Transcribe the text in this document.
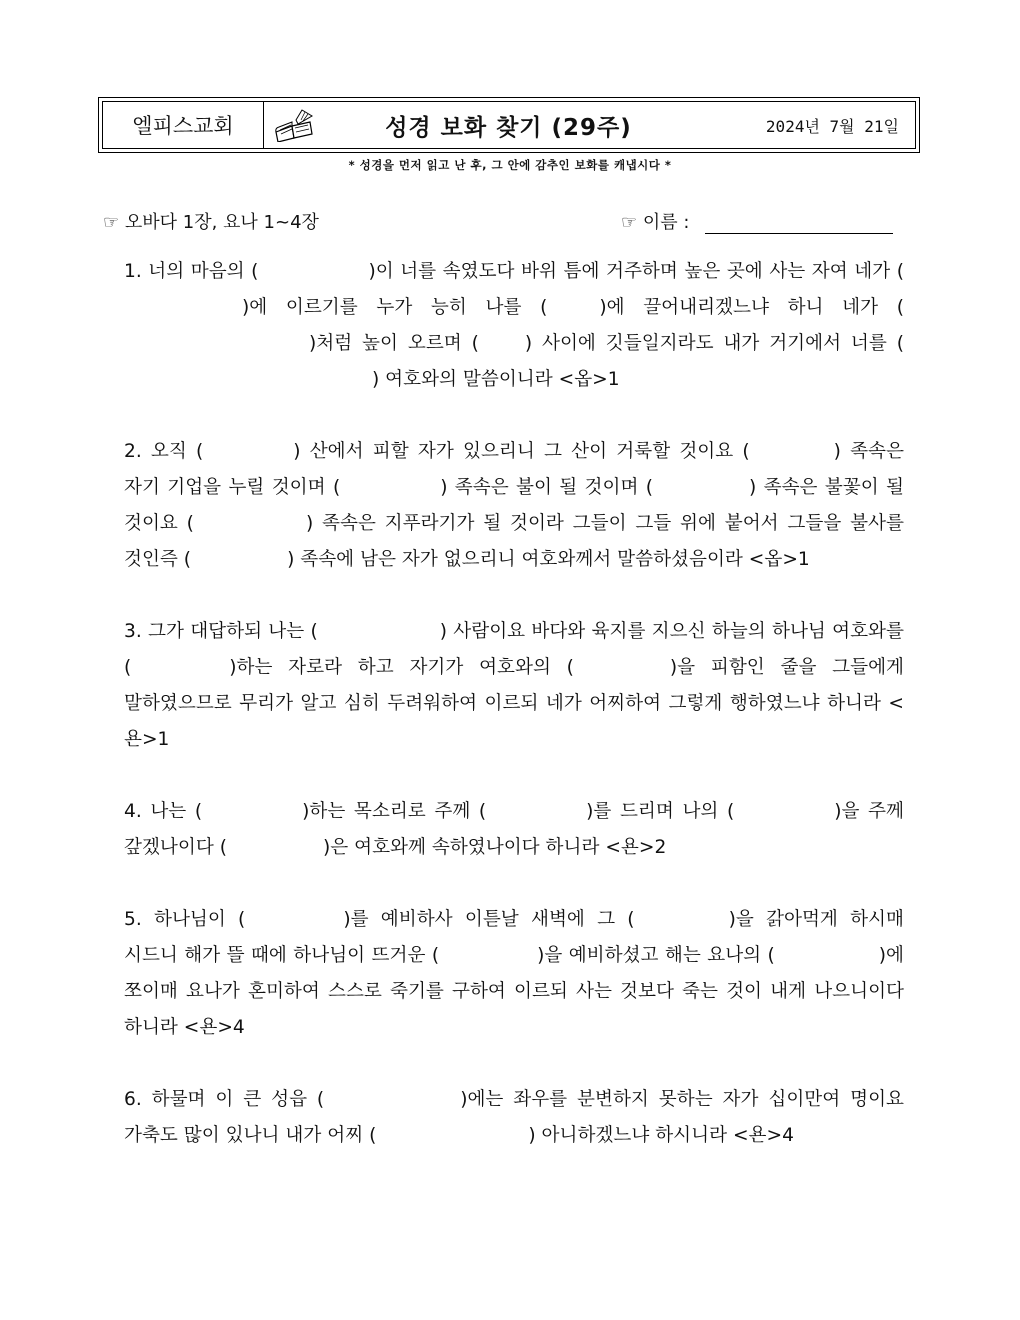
엘피스교회	성경 보화 찾기 (29주)	2024년 7월 21일
* 성경을 먼저 읽고 난 후, 그 안에 감추인 보화를 캐냅시다 *
☞ 오바다 1장, 요나 1~4장	☞ 이름 :
1. 너의 마음의 (	)이 너를 속였도다 바위 틈에 거주하며 높은 곳에 사는 자여 네가 ()에 이르기를 누가 능히 나를 (	)에 끌어내리겠느냐 하니 네가 ()처럼 높이 오르며 ( ) 사이에 깃들일지라도 내가 거기에서 너를 () 여호와의 말씀이니라 <옵>1
2. 오직 (	) 산에서 피할 자가 있으리니 그 산이 거룩할 것이요 (	) 족속은 자기 기업을 누릴 것이며 (	) 족속은 불이 될 것이며 (	) 족속은 불꽃이 될 것이요 (	) 족속은 지푸라기가 될 것이라 그들이 그들 위에 붙어서 그들을 불사를 것인즉 (	) 족속에 남은 자가 없으리니 여호와께서 말씀하셨음이라 <옵>1
3. 그가 대답하되 나는 (	) 사람이요 바다와 육지를 지으신 하늘의 하나님 여호와를 (	)하는 자로라 하고 자기가 여호와의 (	)을 피함인 줄을 그들에게 말하였으므로 무리가 알고 심히 두려워하여 이르되 네가 어찌하여 그렇게 행하였느냐 하니라 <욘>1
4. 나는 (	)하는 목소리로 주께 (	)를 드리며 나의 (	)을 주께 갚겠나이다 (	)은 여호와께 속하였나이다 하니라 <욘>2
5. 하나님이 (	)를 예비하사 이튿날 새벽에 그 (	)을 갉아먹게 하시매 시드니 해가 뜰 때에 하나님이 뜨거운 (	)을 예비하셨고 해는 요나의 (	)에 쪼이매 요나가 혼미하여 스스로 죽기를 구하여 이르되 사는 것보다 죽는 것이 내게 나으니이다 하니라 <욘>4
6. 하물며 이 큰 성읍 (	)에는 좌우를 분변하지 못하는 자가 십이만여 명이요 가축도 많이 있나니 내가 어찌 (	) 아니하겠느냐 하시니라 <욘>4
